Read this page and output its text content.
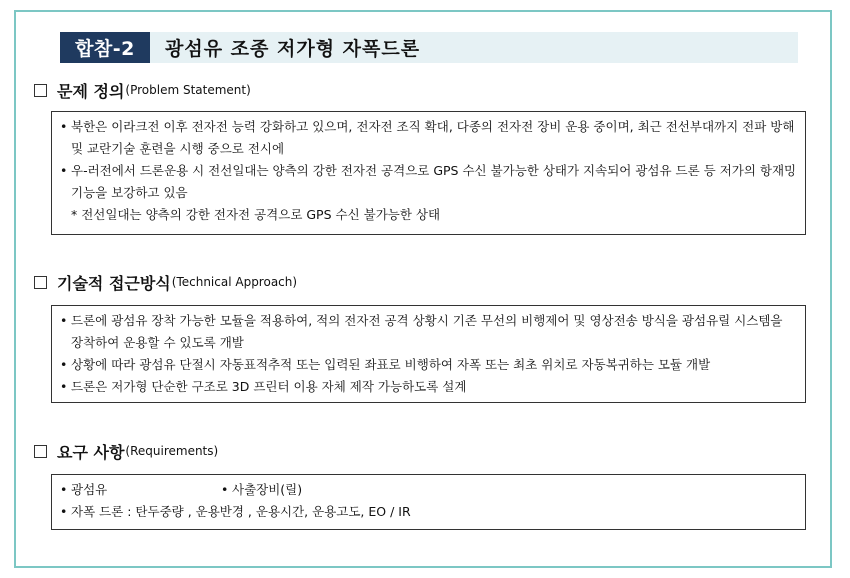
합참-2	광섬유 조종 저가형 자폭드론
문제 정의 (Problem Statement)
• 북한은 이라크전 이후 전자전 능력 강화하고 있으며, 전자전 조직 확대, 다종의 전자전 장비 운용 중이며, 최근 전선부대까지 전파 방해 및 교란기술 훈련을 시행 중으로 전시에
• 우-러전에서 드론운용 시 전선일대는 양측의 강한 전자전 공격으로 GPS 수신 불가능한 상태가 지속되어 광섬유 드론 등 저가의 항재밍 기능을 보강하고 있음
* 전선일대는 양측의 강한 전자전 공격으로 GPS 수신 불가능한 상태
기술적 접근방식 (Technical Approach)
• 드론에 광섬유 장착 가능한 모듈을 적용하여, 적의 전자전 공격 상황시 기존 무선의 비행제어 및 영상전송 방식을 광섬유릴 시스템을 장착하여 운용할 수 있도록 개발
• 상황에 따라 광섬유 단절시 자동표적추적 또는 입력된 좌표로 비행하여 자폭 또는 최초 위치로 자동복귀하는 모듈 개발
• 드론은 저가형 단순한 구조로 3D 프린터 이용 자체 제작 가능하도록 설계
요구 사항 (Requirements)
• 광섬유	• 사출장비(릴)
• 자폭 드론 : 탄두중량 , 운용반경 , 운용시간, 운용고도, EO / IR
